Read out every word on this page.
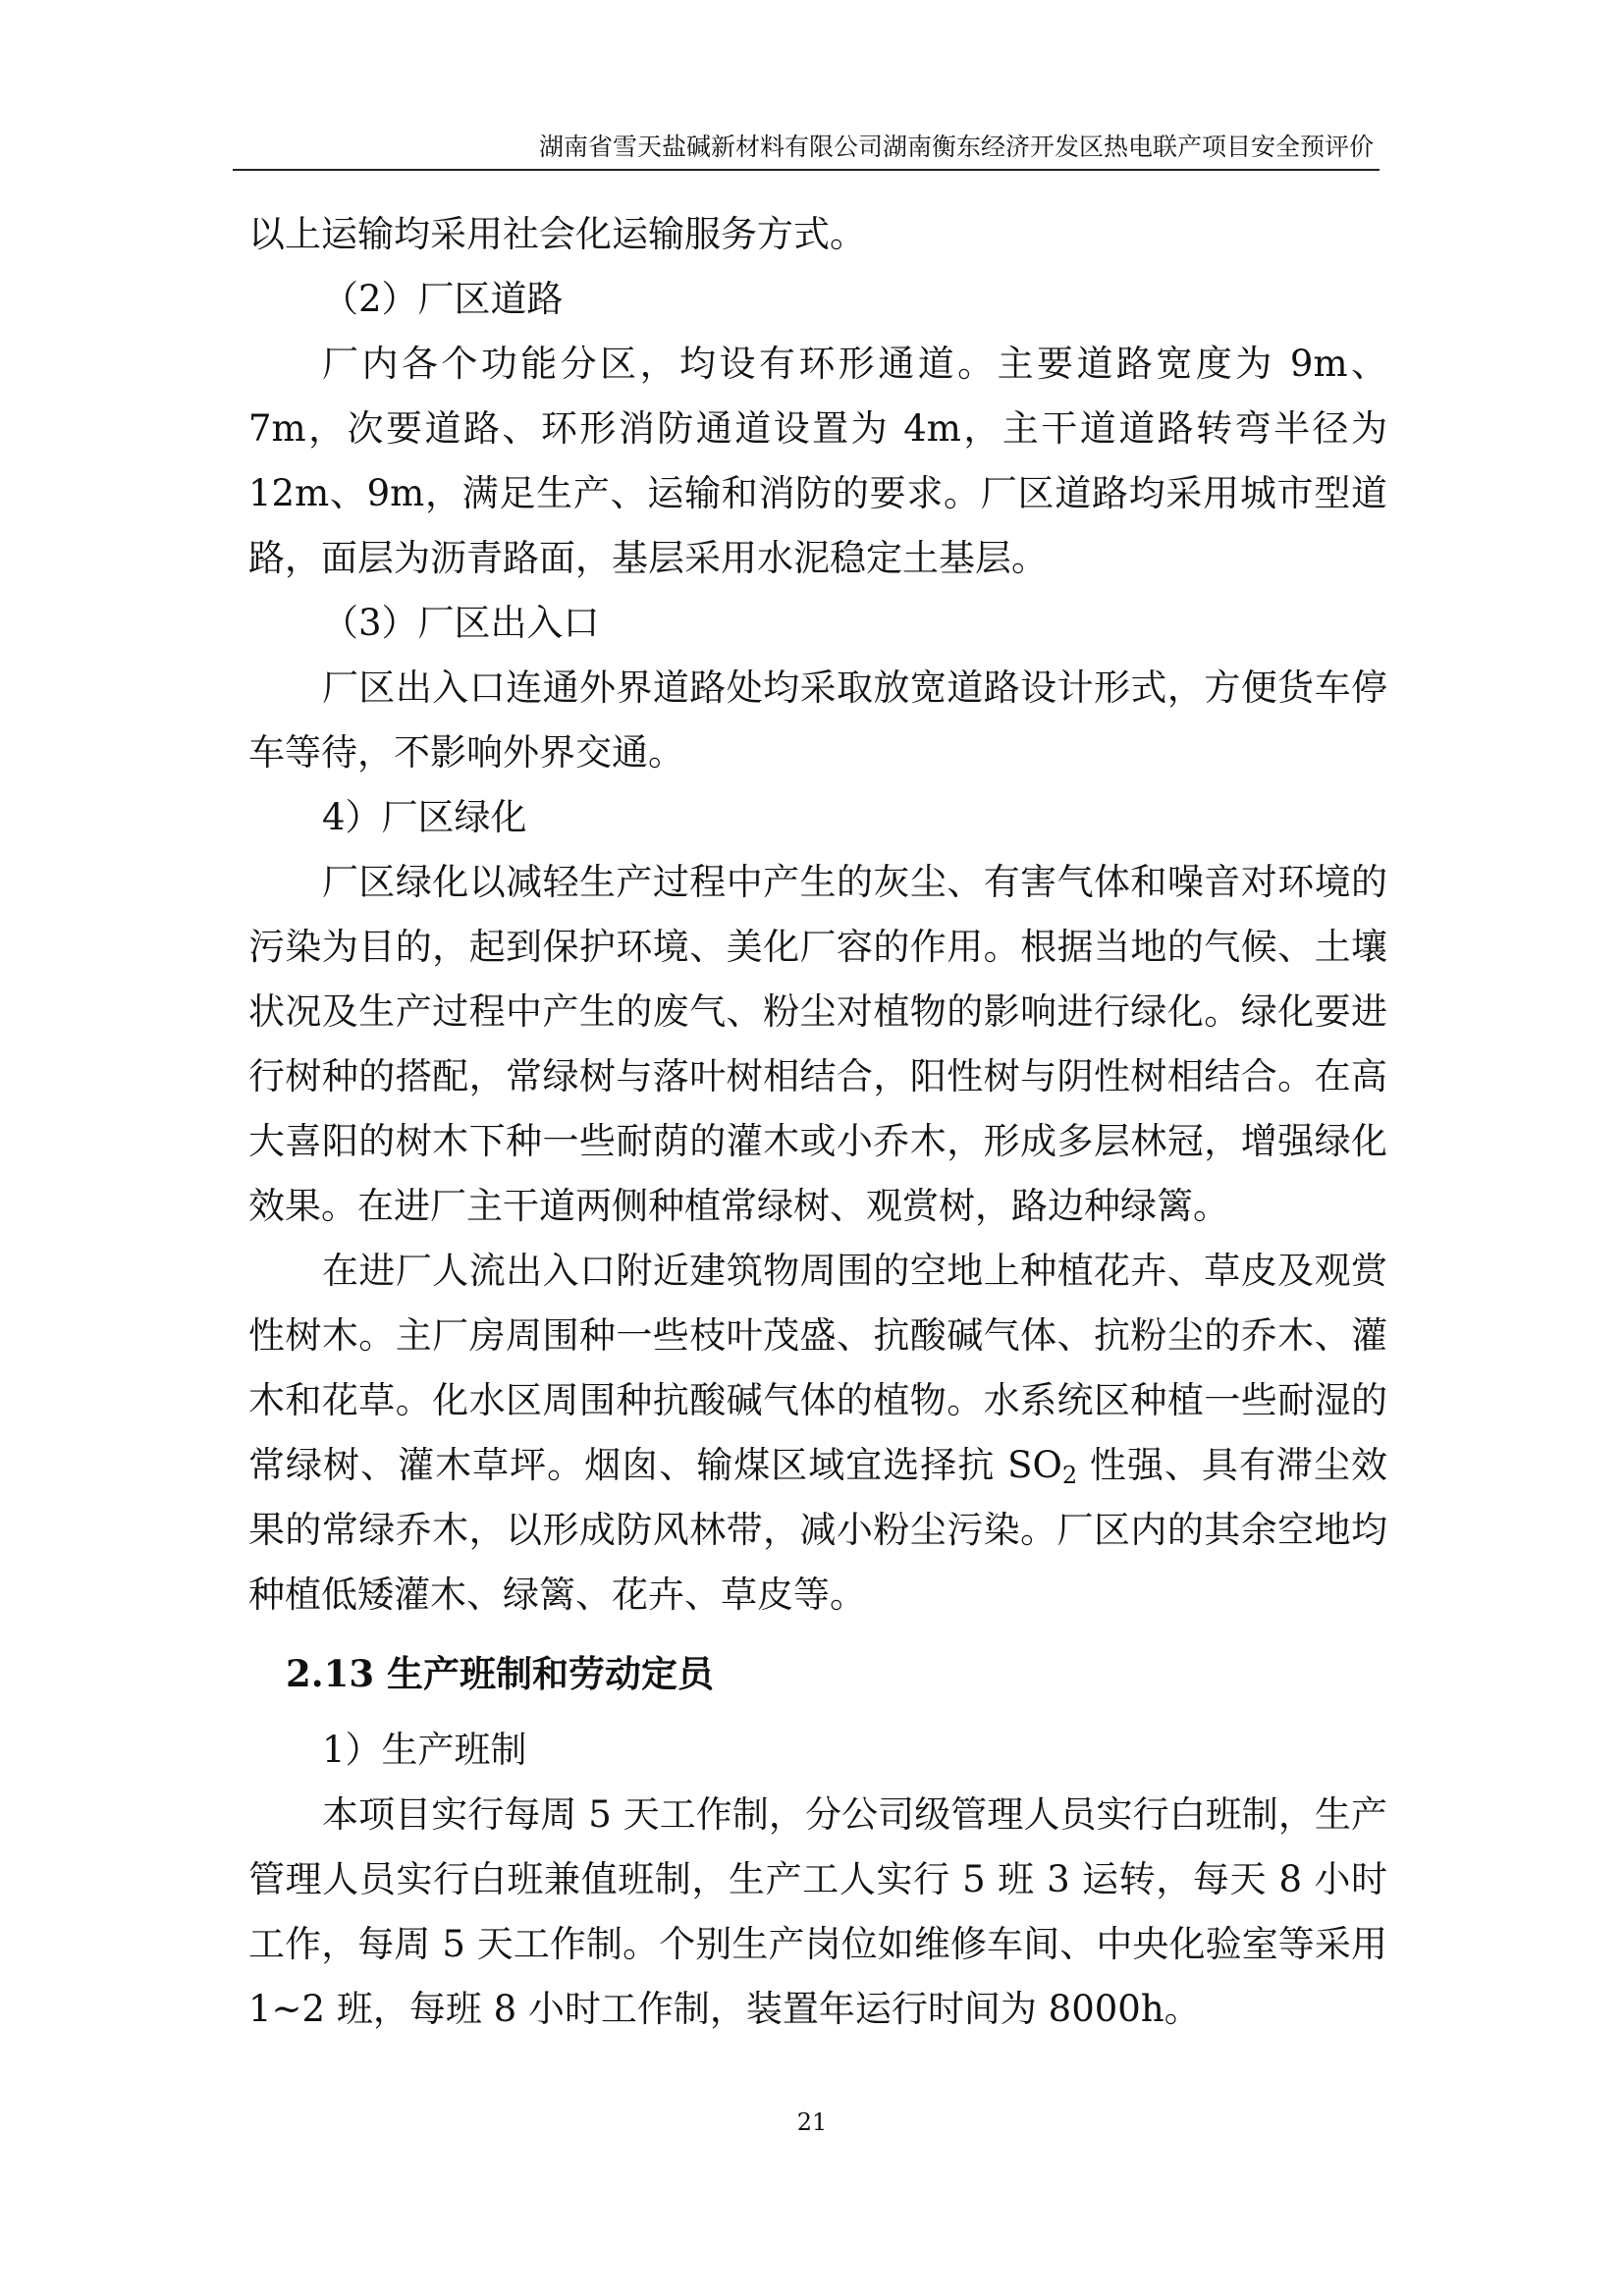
湖南省雪天盐碱新材料有限公司湖南衡东经济开发区热电联产项目安全预评价

以上运输均采用社会化运输服务方式。

（2）厂区道路

厂内各个功能分区，均设有环形通道。主要道路宽度为 9m、7m，次要道路、环形消防通道设置为 4m，主干道道路转弯半径为 12m、9m，满足生产、运输和消防的要求。厂区道路均采用城市型道路，面层为沥青路面，基层采用水泥稳定土基层。

（3）厂区出入口

厂区出入口连通外界道路处均采取放宽道路设计形式，方便货车停车等待，不影响外界交通。

4）厂区绿化

厂区绿化以减轻生产过程中产生的灰尘、有害气体和噪音对环境的污染为目的，起到保护环境、美化厂容的作用。根据当地的气候、土壤状况及生产过程中产生的废气、粉尘对植物的影响进行绿化。绿化要进行树种的搭配，常绿树与落叶树相结合，阳性树与阴性树相结合。在高大喜阳的树木下种一些耐荫的灌木或小乔木，形成多层林冠，增强绿化效果。在进厂主干道两侧种植常绿树、观赏树，路边种绿篱。

在进厂人流出入口附近建筑物周围的空地上种植花卉、草皮及观赏性树木。主厂房周围种一些枝叶茂盛、抗酸碱气体、抗粉尘的乔木、灌木和花草。化水区周围种抗酸碱气体的植物。水系统区种植一些耐湿的常绿树、灌木草坪。烟囱、输煤区域宜选择抗 $SO_2$ 性强、具有滞尘效果的常绿乔木，以形成防风林带，减小粉尘污染。厂区内的其余空地均种植低矮灌木、绿篱、花卉、草皮等。

2.13 生产班制和劳动定员

1）生产班制

本项目实行每周 5 天工作制，分公司级管理人员实行白班制，生产管理人员实行白班兼值班制，生产工人实行 5 班 3 运转，每天 8 小时工作，每周 5 天工作制。个别生产岗位如维修车间、中央化验室等采用 1~2 班，每班 8 小时工作制，装置年运行时间为 8000h。

21
